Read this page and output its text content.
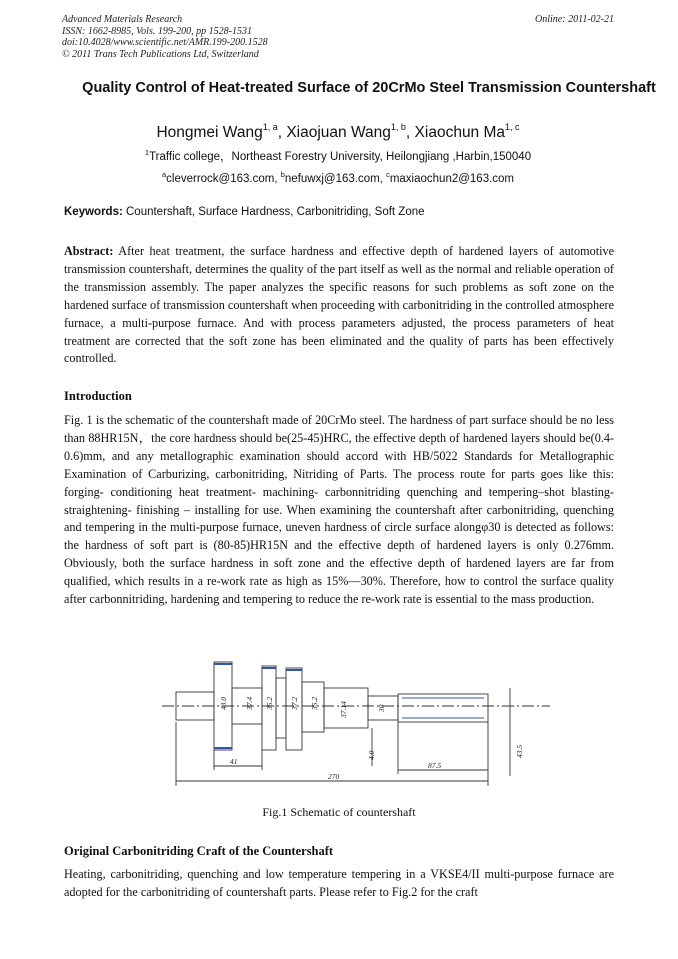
Advanced Materials Research
ISSN: 1662-8985, Vols. 199-200, pp 1528-1531
doi:10.4028/www.scientific.net/AMR.199-200.1528
© 2011 Trans Tech Publications Ltd, Switzerland
Online: 2011-02-21
Quality Control of Heat-treated Surface of 20CrMo Steel Transmission Countershaft
Hongmei Wang$^{1, a}$, Xiaojuan Wang$^{1, b}$, Xiaochun Ma$^{1, c}$
$^1$Traffic college，Northeast Forestry University, Heilongjiang ,Harbin,150040
$^a$cleverrock@163.com, $^b$nefuwxj@163.com, $^c$maxiaochun2@163.com
Keywords: Countershaft, Surface Hardness, Carbonitriding, Soft Zone
Abstract: After heat treatment, the surface hardness and effective depth of hardened layers of automotive transmission countershaft, determines the quality of the part itself as well as the normal and reliable operation of the transmission assembly. The paper analyzes the specific reasons for such problems as soft zone on the hardened surface of transmission countershaft when proceeding with carbonitriding in the controlled atmosphere furnace, a multi-purpose furnace. And with process parameters adjusted, the process parameters of heat treatment are corrected that the soft zone has been eliminated and the quality of parts has been effectively controlled.
Introduction
Fig. 1 is the schematic of the countershaft made of 20CrMo steel. The hardness of part surface should be no less than 88HR15N，the core hardness should be(25-45)HRC, the effective depth of hardened layers should be(0.4-0.6)mm, and any metallographic examination should accord with HB/5022 Standards for Metallographic Examination of Carburizing, carbonitriding, Nitriding of Parts. The process route for parts goes like this: forging- conditioning heat treatment- machining- carbonnitriding quenching and tempering–shot blasting- straightening- finishing – installing for use. When examining the countershaft after carbonitriding, quenching and tempering in the multi-purpose furnace, uneven hardness of circle surface alongφ30 is detected as follows: the hardness of soft part is (80-85)HR15N and the effective depth of hardened layers is only 0.276mm. Obviously, both the surface hardness in soft zone and the effective depth of hardened layers are far from qualified, which results in a re-work rate as high as 15%—30%. Therefore, how to control the surface quality after carbonnitriding, hardening and tempering to reduce the re-work rate is essential to the mass production.
43.0 37.4 35.2 37.2 35.2	37.14	30
4.0	43.5
270
41	87.5
Fig.1 Schematic of countershaft
Original Carbonitriding Craft of the Countershaft
Heating, carbonitriding, quenching and low temperature tempering in a VKSE4/II multi-purpose furnace are adopted for the carbonitriding of countershaft parts. Please refer to Fig.2 for the craft
